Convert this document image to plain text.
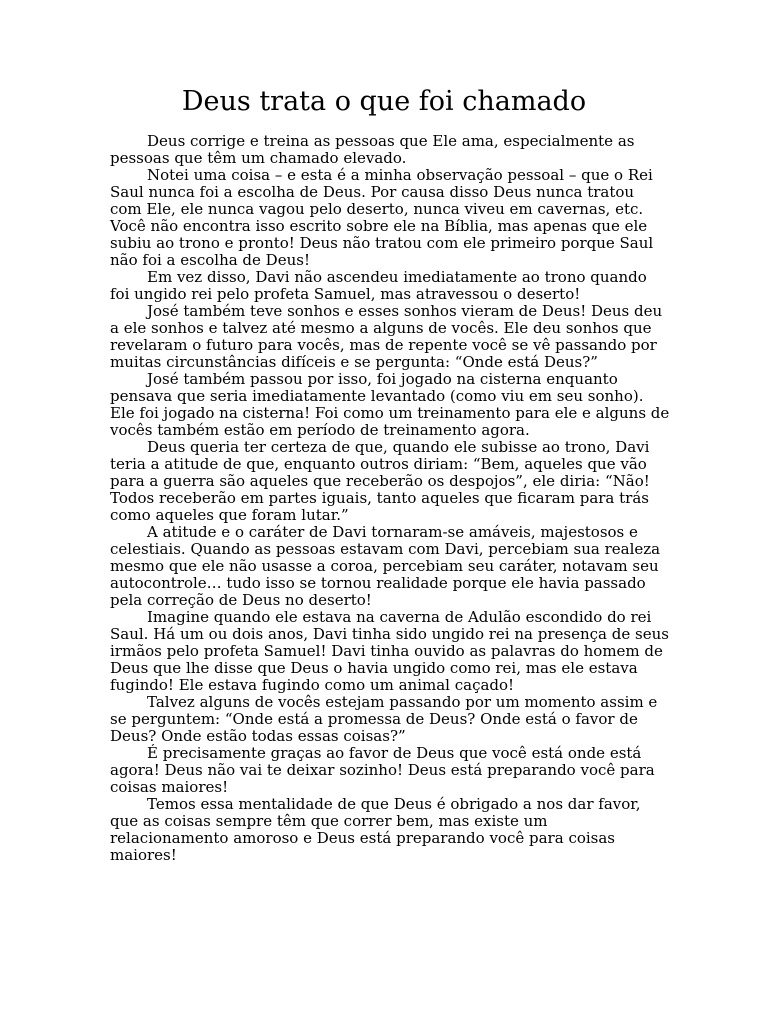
Deus trata o que foi chamado

Deus corrige e treina as pessoas que Ele ama, especialmente as pessoas que têm um chamado elevado.

Notei uma coisa – e esta é a minha observação pessoal – que o Rei Saul nunca foi a escolha de Deus. Por causa disso Deus nunca tratou com Ele, ele nunca vagou pelo deserto, nunca viveu em cavernas, etc. Você não encontra isso escrito sobre ele na Bíblia, mas apenas que ele subiu ao trono e pronto! Deus não tratou com ele primeiro porque Saul não foi a escolha de Deus!

Em vez disso, Davi não ascendeu imediatamente ao trono quando foi ungido rei pelo profeta Samuel, mas atravessou o deserto!

José também teve sonhos e esses sonhos vieram de Deus! Deus deu a ele sonhos e talvez até mesmo a alguns de vocês. Ele deu sonhos que revelaram o futuro para vocês, mas de repente você se vê passando por muitas circunstâncias difíceis e se pergunta: “Onde está Deus?”

José também passou por isso, foi jogado na cisterna enquanto pensava que seria imediatamente levantado (como viu em seu sonho). Ele foi jogado na cisterna! Foi como um treinamento para ele e alguns de vocês também estão em período de treinamento agora.

Deus queria ter certeza de que, quando ele subisse ao trono, Davi teria a atitude de que, enquanto outros diriam: “Bem, aqueles que vão para a guerra são aqueles que receberão os despojos”, ele diria: “Não! Todos receberão em partes iguais, tanto aqueles que ficaram para trás como aqueles que foram lutar.”

A atitude e o caráter de Davi tornaram-se amáveis, majestosos e celestiais. Quando as pessoas estavam com Davi, percebiam sua realeza mesmo que ele não usasse a coroa, percebiam seu caráter, notavam seu autocontrole… tudo isso se tornou realidade porque ele havia passado pela correção de Deus no deserto!

Imagine quando ele estava na caverna de Adulão escondido do rei Saul. Há um ou dois anos, Davi tinha sido ungido rei na presença de seus irmãos pelo profeta Samuel! Davi tinha ouvido as palavras do homem de Deus que lhe disse que Deus o havia ungido como rei, mas ele estava fugindo! Ele estava fugindo como um animal caçado!

Talvez alguns de vocês estejam passando por um momento assim e se perguntem: “Onde está a promessa de Deus? Onde está o favor de Deus? Onde estão todas essas coisas?”

É precisamente graças ao favor de Deus que você está onde está agora! Deus não vai te deixar sozinho! Deus está preparando você para coisas maiores!

Temos essa mentalidade de que Deus é obrigado a nos dar favor, que as coisas sempre têm que correr bem, mas existe um relacionamento amoroso e Deus está preparando você para coisas maiores!
